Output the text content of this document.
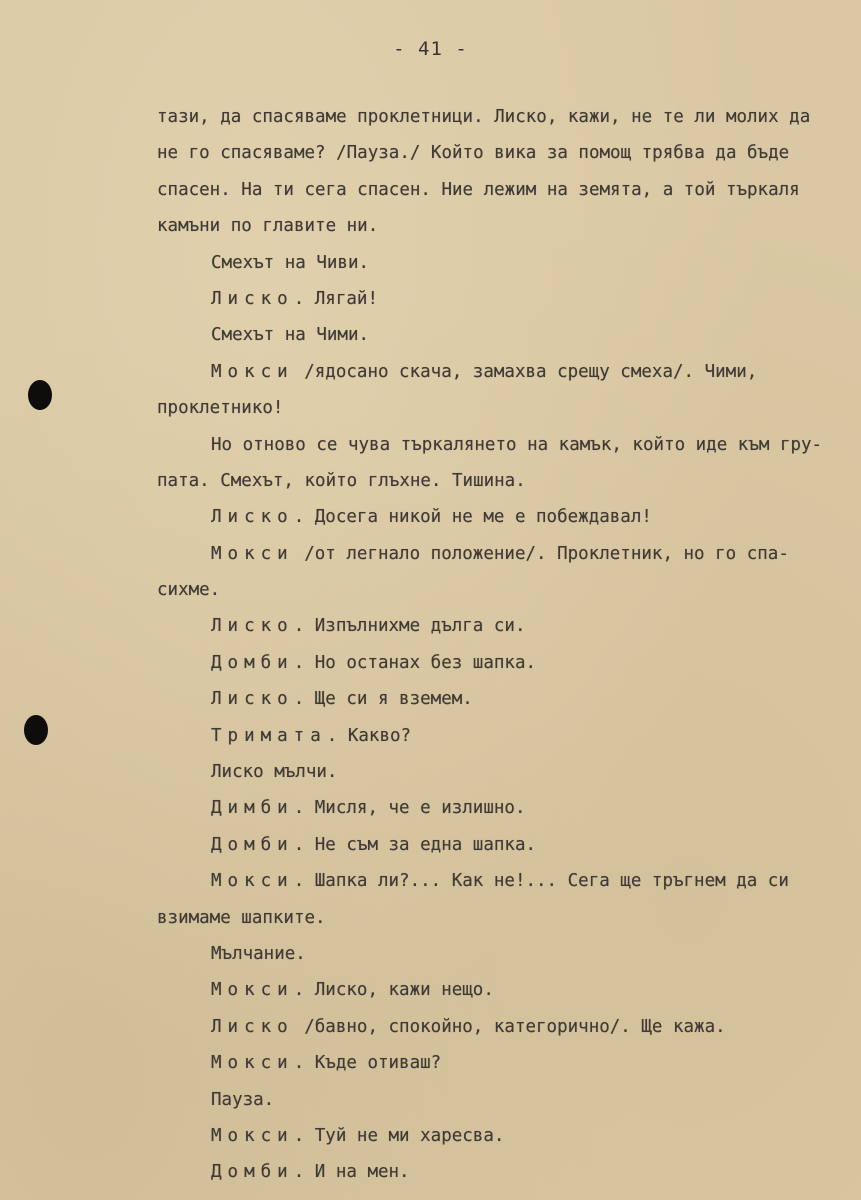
- 41 -
тази, да спасяваме проклетници. Лиско, кажи, не те ли молих да
не го спасяваме? /Пауза./ Който вика за помощ трябва да бъде
спасен. На ти сега спасен. Ние лежим на земята, а той търкаля
камъни по главите ни.
Смехът на Чиви.
Лиско. Лягай!
Смехът на Чими.
Мокси /ядосано скача, замахва срещу смеха/. Чими,
проклетнико!
Но отново се чува търкалянето на камък, който иде към гру-
пата. Смехът, който глъхне. Тишина.
Лиско. Досега никой не ме е побеждавал!
Мокси /от легнало положение/. Проклетник, но го спа-
сихме.
Лиско. Изпълнихме дълга си.
Домби. Но останах без шапка.
Лиско. Ще си я вземем.
Тримата. Какво?
Лиско мълчи.
Димби. Мисля, че е излишно.
Домби. Не съм за една шапка.
Мокси. Шапка ли?... Как не!... Сега ще тръгнем да си
взимаме шапките.
Мълчание.
Мокси. Лиско, кажи нещо.
Лиско /бавно, спокойно, категорично/. Ще кажа.
Мокси. Къде отиваш?
Пауза.
Мокси. Туй не ми харесва.
Домби. И на мен.
